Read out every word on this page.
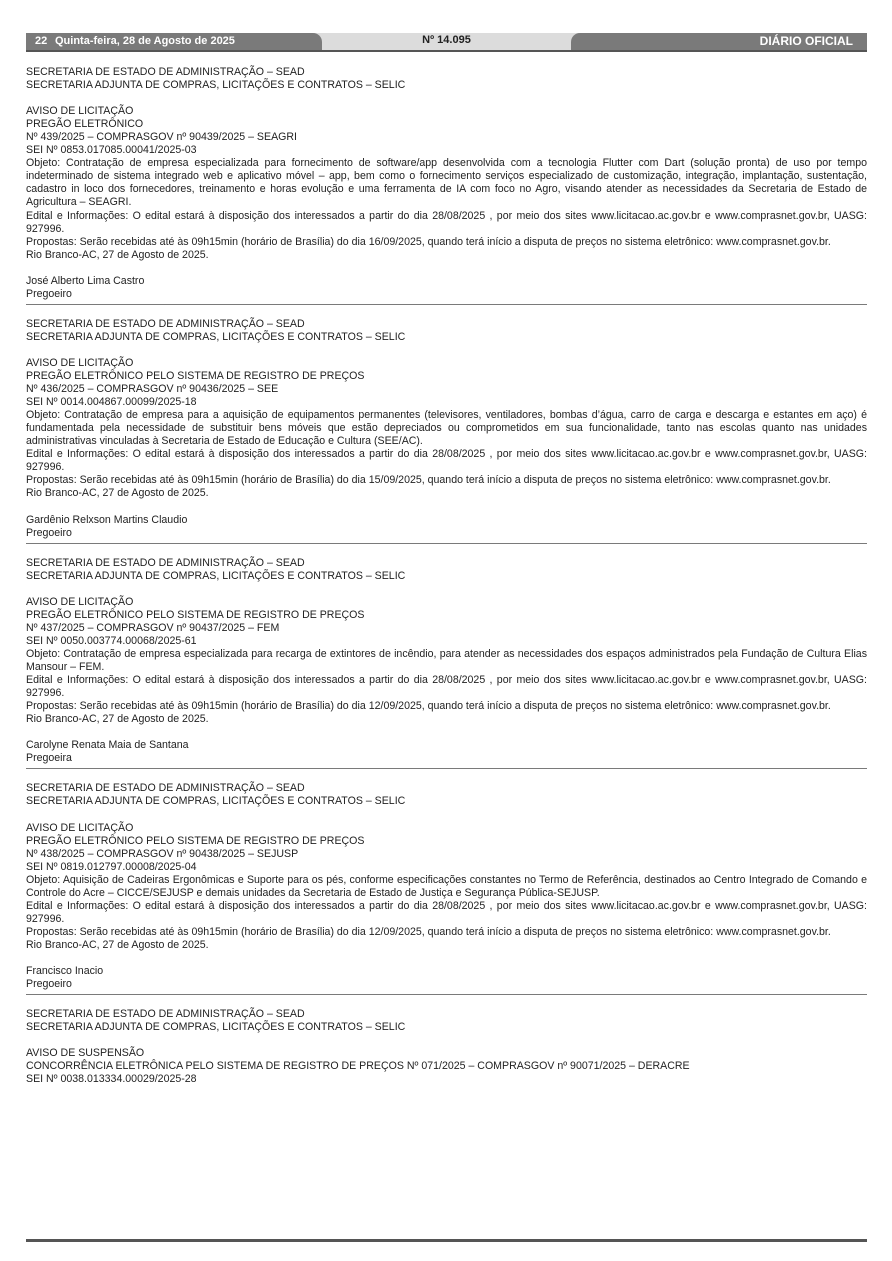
22 Quinta-feira, 28 de Agosto de 2025	Nº 14.095	DIÁRIO OFICIAL

SECRETARIA DE ESTADO DE ADMINISTRAÇÃO – SEAD

SECRETARIA ADJUNTA DE COMPRAS, LICITAÇÕES E CONTRATOS – SELIC

AVISO DE LICITAÇÃO

PREGÃO ELETRÔNICO

Nº 439/2025 – COMPRASGOV nº 90439/2025 – SEAGRI

SEI Nº 0853.017085.00041/2025-03

Objeto: Contratação de empresa especializada para fornecimento de software/app desenvolvida com a tecnologia Flutter com Dart (solução pronta) de uso por tempo indeterminado de sistema integrado web e aplicativo móvel – app, bem como o fornecimento serviços especializado de customização, integração, implantação, sustentação, cadastro in loco dos fornecedores, treinamento e horas evolução e uma ferramenta de IA com foco no Agro, visando atender as necessidades da Secretaria de Estado de Agricultura – SEAGRI.

Edital e Informações: O edital estará à disposição dos interessados a partir do dia 28/08/2025 , por meio dos sites www.licitacao.ac.gov.br e www.comprasnet.gov.br, UASG: 927996.

Propostas: Serão recebidas até às 09h15min (horário de Brasília) do dia 16/09/2025, quando terá início a disputa de preços no sistema eletrônico: www.comprasnet.gov.br.

Rio Branco-AC, 27 de Agosto de 2025.

José Alberto Lima Castro

Pregoeiro

SECRETARIA DE ESTADO DE ADMINISTRAÇÃO – SEAD

SECRETARIA ADJUNTA DE COMPRAS, LICITAÇÕES E CONTRATOS – SELIC

AVISO DE LICITAÇÃO

PREGÃO ELETRÔNICO PELO SISTEMA DE REGISTRO DE PREÇOS

Nº 436/2025 – COMPRASGOV nº 90436/2025 – SEE

SEI Nº 0014.004867.00099/2025-18

Objeto: Contratação de empresa para a aquisição de equipamentos permanentes (televisores, ventiladores, bombas d’água, carro de carga e descarga e estantes em aço) é fundamentada pela necessidade de substituir bens móveis que estão depreciados ou comprometidos em sua funcionalidade, tanto nas escolas quanto nas unidades administrativas vinculadas à Secretaria de Estado de Educação e Cultura (SEE/AC).

Edital e Informações: O edital estará à disposição dos interessados a partir do dia 28/08/2025 , por meio dos sites www.licitacao.ac.gov.br e www.comprasnet.gov.br, UASG: 927996.

Propostas: Serão recebidas até às 09h15min (horário de Brasília) do dia 15/09/2025, quando terá início a disputa de preços no sistema eletrônico: www.comprasnet.gov.br.

Rio Branco-AC, 27 de Agosto de 2025.

Gardênio Relxson Martins Claudio

Pregoeiro

SECRETARIA DE ESTADO DE ADMINISTRAÇÃO – SEAD

SECRETARIA ADJUNTA DE COMPRAS, LICITAÇÕES E CONTRATOS – SELIC

AVISO DE LICITAÇÃO

PREGÃO ELETRÔNICO PELO SISTEMA DE REGISTRO DE PREÇOS

Nº 437/2025 – COMPRASGOV nº 90437/2025 – FEM

SEI Nº 0050.003774.00068/2025-61

Objeto: Contratação de empresa especializada para recarga de extintores de incêndio, para atender as necessidades dos espaços administrados pela Fundação de Cultura Elias Mansour – FEM.

Edital e Informações: O edital estará à disposição dos interessados a partir do dia 28/08/2025 , por meio dos sites www.licitacao.ac.gov.br e www.comprasnet.gov.br, UASG: 927996.

Propostas: Serão recebidas até às 09h15min (horário de Brasília) do dia 12/09/2025, quando terá início a disputa de preços no sistema eletrônico: www.comprasnet.gov.br.

Rio Branco-AC, 27 de Agosto de 2025.

Carolyne Renata Maia de Santana

Pregoeira

SECRETARIA DE ESTADO DE ADMINISTRAÇÃO – SEAD

SECRETARIA ADJUNTA DE COMPRAS, LICITAÇÕES E CONTRATOS – SELIC

AVISO DE LICITAÇÃO

PREGÃO ELETRÔNICO PELO SISTEMA DE REGISTRO DE PREÇOS

Nº 438/2025 – COMPRASGOV nº 90438/2025 – SEJUSP

SEI Nº 0819.012797.00008/2025-04

Objeto: Aquisição de Cadeiras Ergonômicas e Suporte para os pés, conforme especificações constantes no Termo de Referência, destinados ao Centro Integrado de Comando e Controle do Acre – CICCE/SEJUSP e demais unidades da Secretaria de Estado de Justiça e Segurança Pública-SEJUSP.

Edital e Informações: O edital estará à disposição dos interessados a partir do dia 28/08/2025 , por meio dos sites www.licitacao.ac.gov.br e www.comprasnet.gov.br, UASG: 927996.

Propostas: Serão recebidas até às 09h15min (horário de Brasília) do dia 12/09/2025, quando terá início a disputa de preços no sistema eletrônico: www.comprasnet.gov.br.

Rio Branco-AC, 27 de Agosto de 2025.

Francisco Inacio

Pregoeiro

SECRETARIA DE ESTADO DE ADMINISTRAÇÃO – SEAD

SECRETARIA ADJUNTA DE COMPRAS, LICITAÇÕES E CONTRATOS – SELIC

AVISO DE SUSPENSÃO

CONCORRÊNCIA ELETRÔNICA PELO SISTEMA DE REGISTRO DE PREÇOS Nº 071/2025 – COMPRASGOV nº 90071/2025 – DERACRE

SEI Nº 0038.013334.00029/2025-28
